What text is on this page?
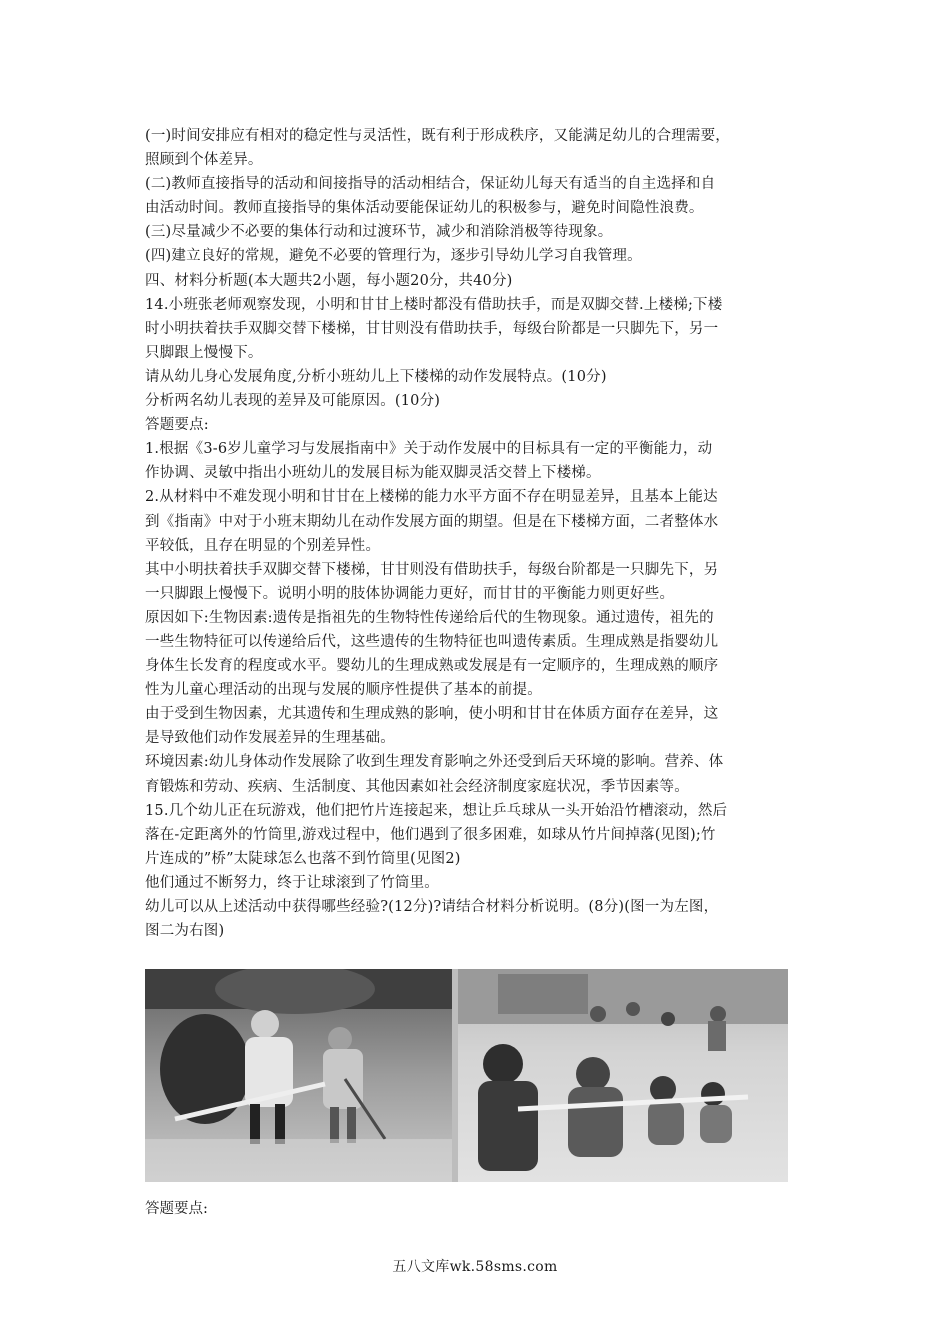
(一)时间安排应有相对的稳定性与灵活性，既有利于形成秩序，又能满足幼儿的合理需要，
照顾到个体差异。
(二)教师直接指导的活动和间接指导的活动相结合，保证幼儿每天有适当的自主选择和自
由活动时间。教师直接指导的集体活动要能保证幼儿的积极参与，避免时间隐性浪费。
(三)尽量减少不必要的集体行动和过渡环节，减少和消除消极等待现象。
(四)建立良好的常规，避免不必要的管理行为，逐步引导幼儿学习自我管理。
四、材料分析题(本大题共2小题，每小题20分，共40分)
14.小班张老师观察发现，小明和甘甘上楼时都没有借助扶手，而是双脚交替.上楼梯;下楼
时小明扶着扶手双脚交替下楼梯，甘甘则没有借助扶手，每级台阶都是一只脚先下，另一
只脚跟上慢慢下。
请从幼儿身心发展角度,分析小班幼儿上下楼梯的动作发展特点。(10分)
分析两名幼儿表现的差异及可能原因。(10分)
答题要点:
1.根据《3-6岁儿童学习与发展指南中》关于动作发展中的目标具有一定的平衡能力，动
作协调、灵敏中指出小班幼儿的发展目标为能双脚灵活交替上下楼梯。
2.从材料中不难发现小明和甘甘在上楼梯的能力水平方面不存在明显差异，且基本上能达
到《指南》中对于小班末期幼儿在动作发展方面的期望。但是在下楼梯方面，二者整体水
平较低，且存在明显的个别差异性。
其中小明扶着扶手双脚交替下楼梯，甘甘则没有借助扶手，每级台阶都是一只脚先下，另
一只脚跟上慢慢下。说明小明的肢体协调能力更好，而甘甘的平衡能力则更好些。
原因如下:生物因素:遗传是指祖先的生物特性传递给后代的生物现象。通过遗传，祖先的
一些生物特征可以传递给后代，这些遗传的生物特征也叫遗传素质。生理成熟是指婴幼儿
身体生长发育的程度或水平。婴幼儿的生理成熟或发展是有一定顺序的，生理成熟的顺序
性为儿童心理活动的出现与发展的顺序性提供了基本的前提。
由于受到生物因素，尤其遗传和生理成熟的影响，使小明和甘甘在体质方面存在差异，这
是导致他们动作发展差异的生理基础。
环境因素:幼儿身体动作发展除了收到生理发育影响之外还受到后天环境的影响。营养、体
育锻炼和劳动、疾病、生活制度、其他因素如社会经济制度家庭状况，季节因素等。
15.几个幼儿正在玩游戏，他们把竹片连接起来，想让乒乓球从一头开始沿竹槽滚动，然后
落在-定距离外的竹筒里,游戏过程中，他们遇到了很多困难，如球从竹片间掉落(见图);竹
片连成的”桥”太陡球怎么也落不到竹筒里(见图2)
他们通过不断努力，终于让球滚到了竹筒里。
幼儿可以从上述活动中获得哪些经验?(12分)?请结合材料分析说明。(8分)(图一为左图，
图二为右图)
答题要点:
五八文库wk.58sms.com
